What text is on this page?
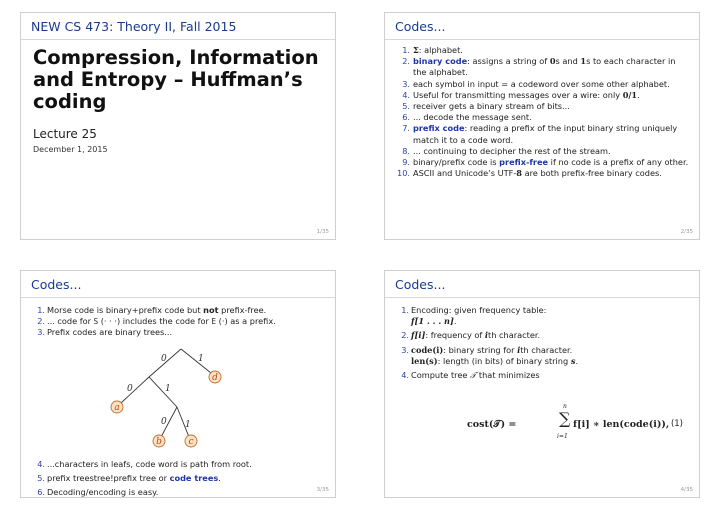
NEW CS 473: Theory II, Fall 2015
Compression, Information
and Entropy – Huffman’s
coding
Lecture 25
December 1, 2015
1/35
Codes...
1. Σ: alphabet.
2. binary code: assigns a string of 0s and 1s to each character in the alphabet.
3. each symbol in input = a codeword over some other alphabet.
4. Useful for transmitting messages over a wire: only 0/1.
5. receiver gets a binary stream of bits...
6. ... decode the message sent.
7. prefix code: reading a prefix of the input binary string uniquely match it to a code word.
8. ... continuing to decipher the rest of the stream.
9. binary/prefix code is prefix-free if no code is a prefix of any other.
10. ASCII and Unicode’s UTF-8 are both prefix-free binary codes.
2/35
Codes...
1. Morse code is binary+prefix code but not prefix-free.
2. ... code for S (· · ·) includes the code for E (·) as a prefix.
3. Prefix codes are binary trees...
0	1
0	1
0 1
d
a
b	c
4. ...characters in leafs, code word is path from root.
5. prefix treestree!prefix tree or code trees.
6. Decoding/encoding is easy.	3/35
Codes...
1. Encoding: given frequency table:
f[1 . . . n].
2. f[i]: frequency of ith character.
3. code(i): binary string for ith character.
len(s): length (in bits) of binary string s.
4. Compute tree 𝒯 that minimizes
cost(𝒯) =
n
∑
i=1
f[i] ∗ len(code(i)), (1)
4/35
